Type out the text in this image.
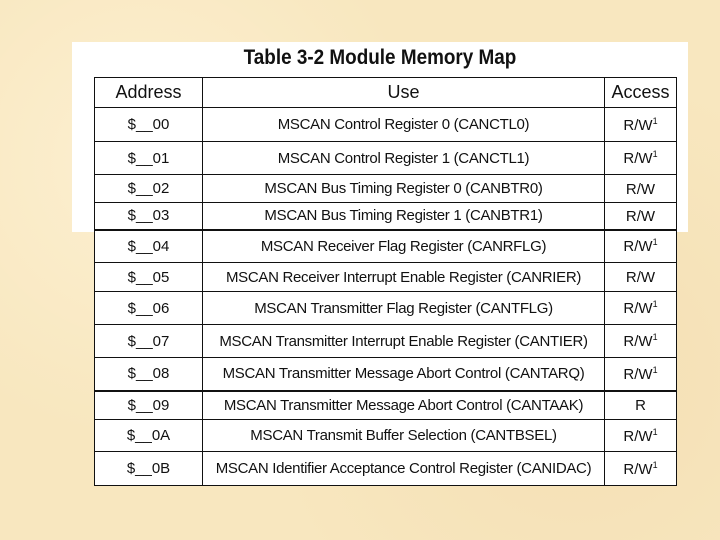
Table 3-2 Module Memory Map
Address	Use	Access
$__00	MSCAN Control Register 0 (CANCTL0)	$R/W^1$
$__01	MSCAN Control Register 1 (CANCTL1)	$R/W^1$
$__02	MSCAN Bus Timing Register 0 (CANBTR0)	R/W
$__03	MSCAN Bus Timing Register 1 (CANBTR1)	R/W
$__04	MSCAN Receiver Flag Register (CANRFLG)	$R/W^1$
$__05	MSCAN Receiver Interrupt Enable Register (CANRIER)	R/W
$__06	MSCAN Transmitter Flag Register (CANTFLG)	$R/W^1$
$__07	MSCAN Transmitter Interrupt Enable Register (CANTIER)	$R/W^1$
$__08	MSCAN Transmitter Message Abort Control (CANTARQ)	$R/W^1$
$__09	MSCAN Transmitter Message Abort Control (CANTAAK)	R
$__0A	MSCAN Transmit Buffer Selection (CANTBSEL)	$R/W^1$
$__0B	MSCAN Identifier Acceptance Control Register (CANIDAC)	$R/W^1$
